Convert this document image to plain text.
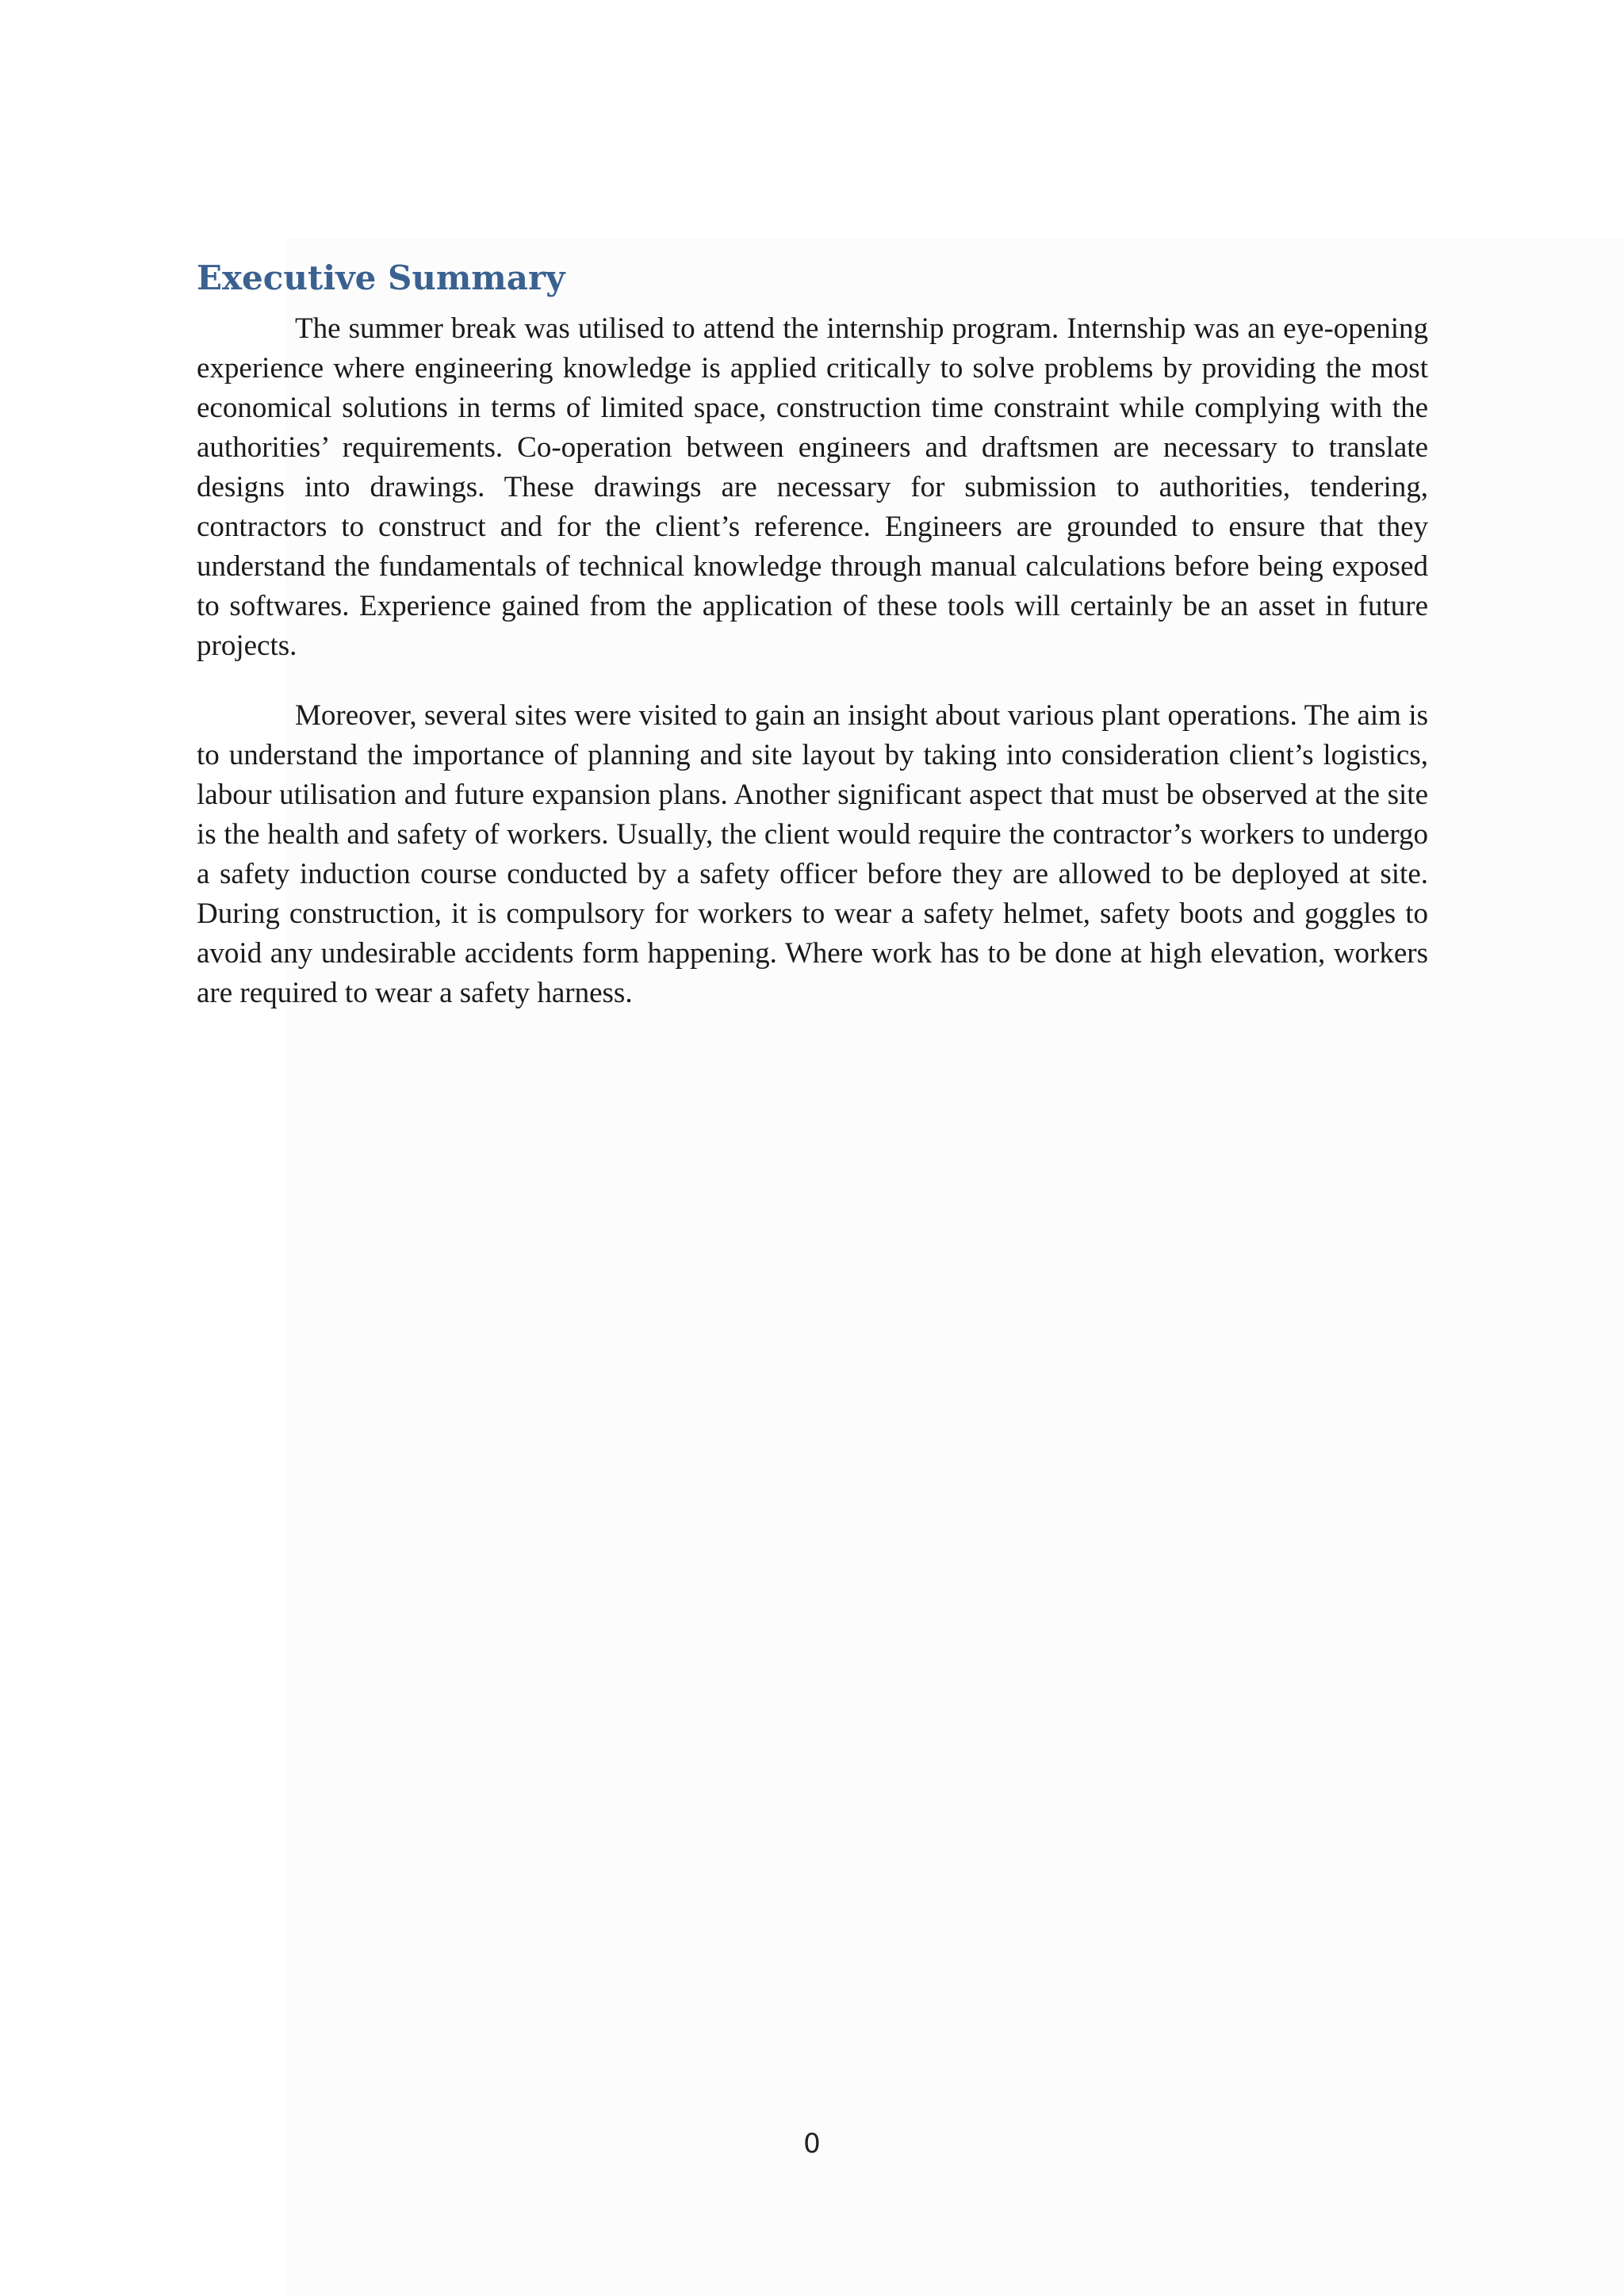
Executive Summary

The summer break was utilised to attend the internship program. Internship was an eye-opening experience where engineering knowledge is applied critically to solve problems by providing the most economical solutions in terms of limited space, construction time constraint while complying with the authorities’ requirements. Co-operation between engineers and draftsmen are necessary to translate designs into drawings. These drawings are necessary for submission to authorities, tendering, contractors to construct and for the client’s reference. Engineers are grounded to ensure that they understand the fundamentals of technical knowledge through manual calculations before being exposed to softwares. Experience gained from the application of these tools will certainly be an asset in future projects.

Moreover, several sites were visited to gain an insight about various plant operations. The aim is to understand the importance of planning and site layout by taking into consideration client’s logistics, labour utilisation and future expansion plans. Another significant aspect that must be observed at the site is the health and safety of workers. Usually, the client would require the contractor’s workers to undergo a safety induction course conducted by a safety officer before they are allowed to be deployed at site. During construction, it is compulsory for workers to wear a safety helmet, safety boots and goggles to avoid any undesirable accidents form happening. Where work has to be done at high elevation, workers are required to wear a safety harness.

0
